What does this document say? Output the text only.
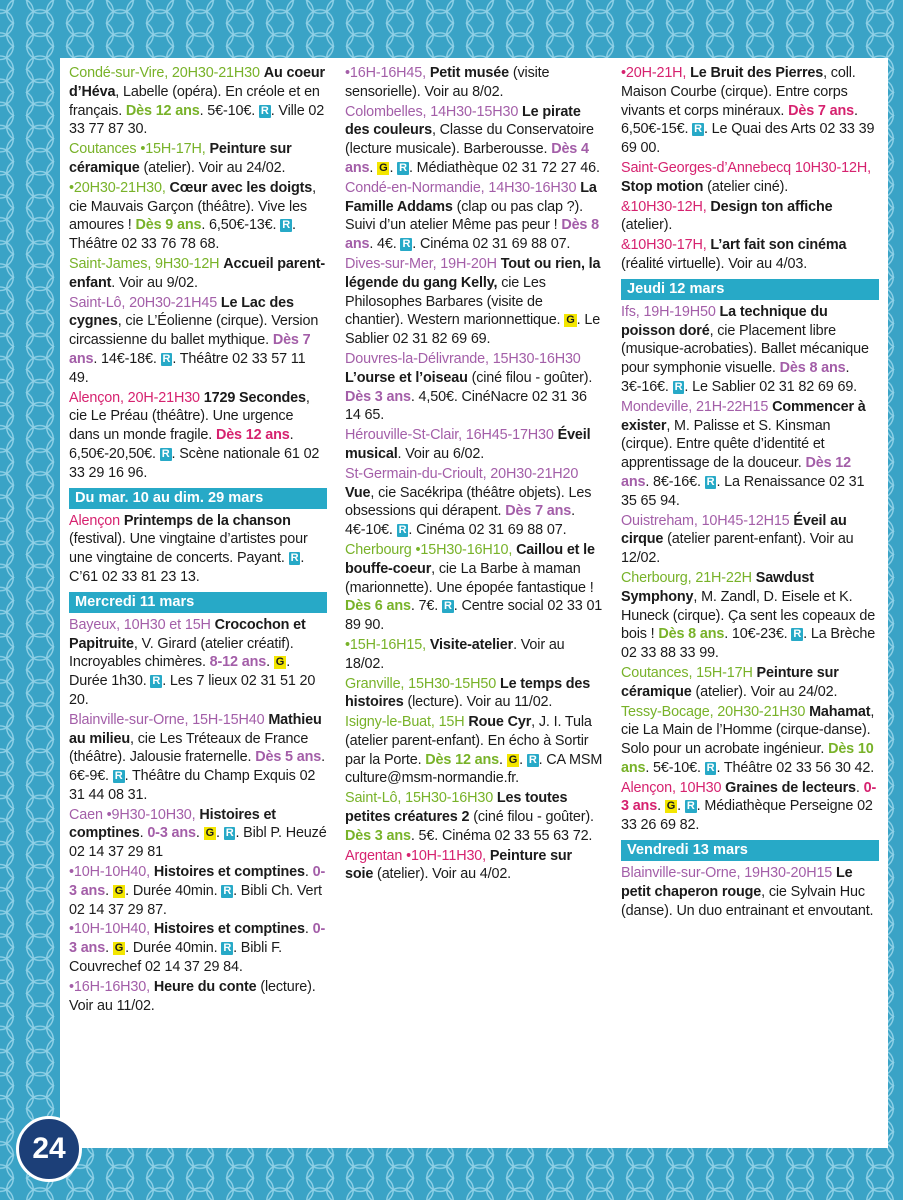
Condé-sur-Vire, 20H30-21H30 Au coeur d’Héva, Labelle (opéra). En créole et en français. Dès 12 ans. 5€-10€. R . Ville 02 33 77 87 30.
Coutances •15H-17H, Peinture sur céramique (atelier). Voir au 24/02.
•20H30-21H30, Cœur avec les doigts, cie Mauvais Garçon (théâtre). Vive les amoures ! Dès 9 ans. 6,50€-13€. R . Théâtre 02 33 76 78 68.
Saint-James, 9H30-12H Accueil parent-enfant. Voir au 9/02.
Saint-Lô, 20H30-21H45 Le Lac des cygnes, cie L’Éolienne (cirque). Version circassienne du ballet mythique. Dès 7 ans. 14€-18€. R . Théâtre 02 33 57 11 49.
Alençon, 20H-21H30 1729 Secondes, cie Le Préau (théâtre). Une urgence dans un monde fragile. Dès 12 ans. 6,50€-20,50€. R . Scène nationale 61 02 33 29 16 96.
Du mar. 10 au dim. 29 mars
Alençon Printemps de la chanson (festival). Une vingtaine d’artistes pour une vingtaine de concerts. Payant. R . C’61 02 33 81 23 13.
Mercredi 11 mars
Bayeux, 10H30 et 15H Crocochon et Papitruite, V. Girard (atelier créatif). Incroyables chimères. 8-12 ans. G . Durée 1h30. R . Les 7 lieux 02 31 51 20 20.
Blainville-sur-Orne, 15H-15H40 Mathieu au milieu, cie Les Tréteaux de France (théâtre). Jalousie fraternelle. Dès 5 ans. 6€-9€. R . Théâtre du Champ Exquis 02 31 44 08 31.
Caen •9H30-10H30, Histoires et comptines. 0-3 ans. G . R . Bibl P. Heuzé 02 14 37 29 81
•10H-10H40, Histoires et comptines. 0-3 ans. G . Durée 40min. R . Bibli Ch. Vert 02 14 37 29 87.
•10H-10H40, Histoires et comptines. 0-3 ans. G . Durée 40min. R . Bibli F. Couvrechef 02 14 37 29 84.
•16H-16H30, Heure du conte (lecture). Voir au 11/02.
•16H-16H45, Petit musée (visite sensorielle). Voir au 8/02.
Colombelles, 14H30-15H30 Le pirate des couleurs, Classe du Conservatoire (lecture musicale). Barberousse. Dès 4 ans. G . R . Médiathèque 02 31 72 27 46.
Condé-en-Normandie, 14H30-16H30 La Famille Addams (clap ou pas clap ?). Suivi d’un atelier Même pas peur ! Dès 8 ans. 4€. R . Cinéma 02 31 69 88 07.
Dives-sur-Mer, 19H-20H Tout ou rien, la légende du gang Kelly, cie Les Philosophes Barbares (visite de chantier). Western marionnettique. G . Le Sablier 02 31 82 69 69.
Douvres-la-Délivrande, 15H30-16H30 L’ourse et l’oiseau (ciné filou - goûter). Dès 3 ans. 4,50€. CinéNacre 02 31 36 14 65.
Hérouville-St-Clair, 16H45-17H30 Éveil musical. Voir au 6/02.
St-Germain-du-Crioult, 20H30-21H20 Vue, cie Sacékripa (théâtre objets). Les obsessions qui dérapent. Dès 7 ans. 4€-10€. R . Cinéma 02 31 69 88 07.
Cherbourg •15H30-16H10, Caillou et le bouffe-coeur, cie La Barbe à maman (marionnette). Une épopée fantastique ! Dès 6 ans. 7€. R . Centre social 02 33 01 89 90.
•15H-16H15, Visite-atelier. Voir au 18/02.
Granville, 15H30-15H50 Le temps des histoires (lecture). Voir au 11/02.
Isigny-le-Buat, 15H Roue Cyr, J. I. Tula (atelier parent-enfant). En écho à Sortir par la Porte. Dès 12 ans. G . R . CA MSM culture@msm-normandie.fr.
Saint-Lô, 15H30-16H30 Les toutes petites créatures 2 (ciné filou - goûter). Dès 3 ans. 5€. Cinéma 02 33 55 63 72.
Argentan •10H-11H30, Peinture sur soie (atelier). Voir au 4/02.
•20H-21H, Le Bruit des Pierres, coll. Maison Courbe (cirque). Entre corps vivants et corps minéraux. Dès 7 ans. 6,50€-15€. R . Le Quai des Arts 02 33 39 69 00.
Saint-Georges-d’Annebecq 10H30-12H, Stop motion (atelier ciné).
&10H30-12H, Design ton affiche (atelier).
&10H30-17H, L’art fait son cinéma (réalité virtuelle). Voir au 4/03.
Jeudi 12 mars
Ifs, 19H-19H50 La technique du poisson doré, cie Placement libre (musique-acrobaties). Ballet mécanique pour symphonie visuelle. Dès 8 ans. 3€-16€. R . Le Sablier 02 31 82 69 69.
Mondeville, 21H-22H15 Commencer à exister, M. Palisse et S. Kinsman (cirque). Entre quête d’identité et apprentissage de la douceur. Dès 12 ans. 8€-16€. R . La Renaissance 02 31 35 65 94.
Ouistreham, 10H45-12H15 Éveil au cirque (atelier parent-enfant). Voir au 12/02.
Cherbourg, 21H-22H Sawdust Symphony, M. Zandl, D. Eisele et K. Huneck (cirque). Ça sent les copeaux de bois ! Dès 8 ans. 10€-23€. R . La Brèche 02 33 88 33 99.
Coutances, 15H-17H Peinture sur céramique (atelier). Voir au 24/02.
Tessy-Bocage, 20H30-21H30 Mahamat, cie La Main de l’Homme (cirque-danse). Solo pour un acrobate ingénieur. Dès 10 ans. 5€-10€. R . Théâtre 02 33 56 30 42.
Alençon, 10H30 Graines de lecteurs. 0-3 ans. G . R . Médiathèque Perseigne 02 33 26 69 82.
Vendredi 13 mars
Blainville-sur-Orne, 19H30-20H15 Le petit chaperon rouge, cie Sylvain Huc (danse). Un duo entrainant et envoutant.
24
